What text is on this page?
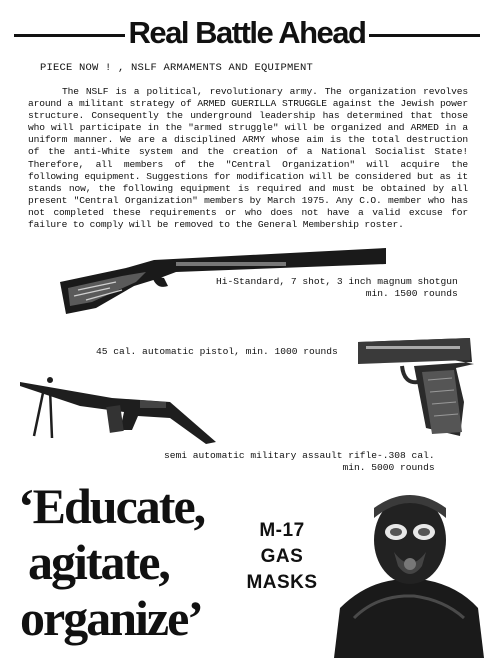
Real Battle Ahead
PIECE NOW ! , NSLF ARMAMENTS AND EQUIPMENT

The NSLF is a political, revolutionary army. The organization revolves around a militant strategy of ARMED GUERILLA STRUGGLE against the Jewish power structure. Consequently the underground leadership has determined that those who will participate in the "armed struggle" will be organized and ARMED in a uniform manner. We are a disciplined ARMY whose aim is the total destruction of the anti-White system and the creation of a National Socialist State! Therefore, all members of the "Central Organization" will acquire the following equipment. Suggestions for modification will be considered but as it stands now, the following equipment is required and must be obtained by all present "Central Organization" members by March 1975. Any C.O. member who has not completed these requirements or who does not have a valid excuse for failure to comply will be removed to the General Membership roster.

Hi-Standard, 7 shot, 3 inch magnum shotgun
min. 1500 rounds
45 cal. automatic pistol, min. 1000 rounds
semi automatic military assault rifle-.308 cal.
min. 5000 rounds
‘Educate,
agitate,
organize’
M-17
GAS
MASKS
